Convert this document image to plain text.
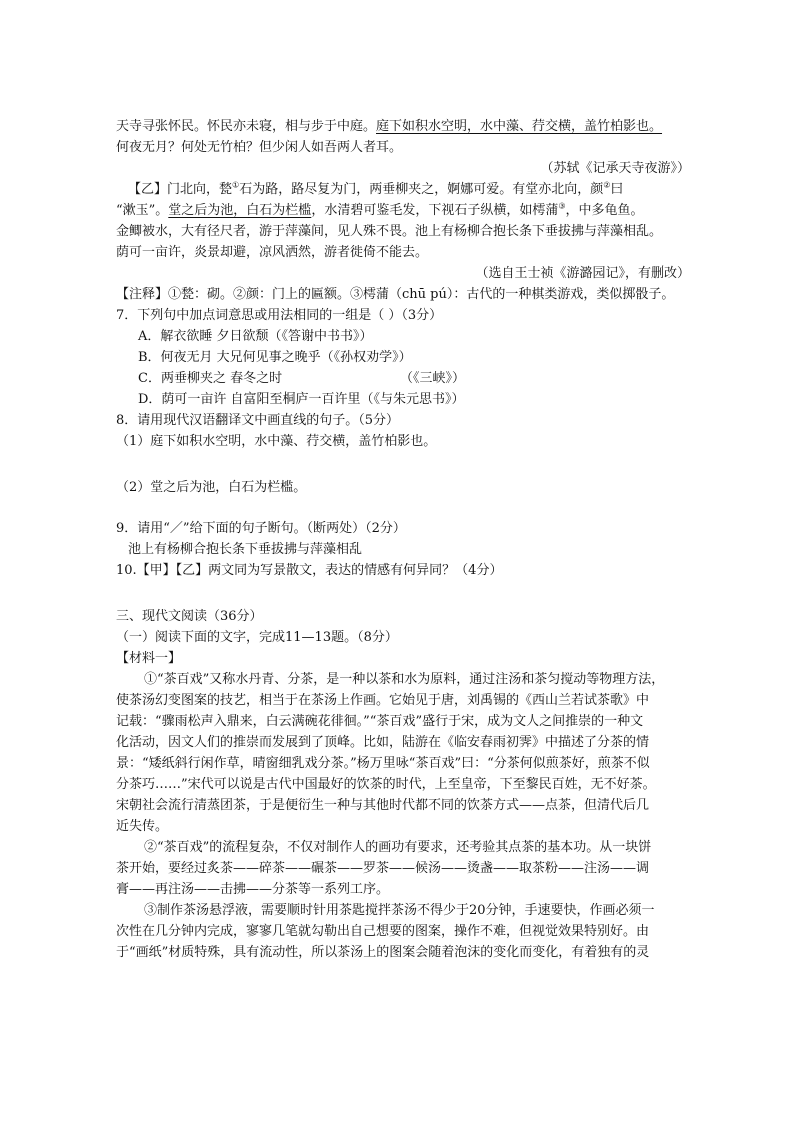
天寺寻张怀民。怀民亦未寝，相与步于中庭。庭下如积水空明，水中藻、荇交横，盖竹柏影也。
何夜无月？何处无竹柏？但少闲人如吾两人者耳。
（苏轼《记承天寺夜游》）
【乙】门北向，甃①石为路，路尽复为门，两垂柳夹之，婀娜可爱。有堂亦北向，颜②曰
“漱玉”。堂之后为池，白石为栏槛，水清碧可鉴毛发，下视石子纵横，如樗蒲③，中多龟鱼。
金鲫被水，大有径尺者，游于萍藻间，见人殊不畏。池上有杨柳合抱长条下垂拔拂与萍藻相乱。
荫可一亩许，炎景却避，凉风洒然，游者徙倚不能去。
（选自王士祯《游潞园记》，有删改）
【注释】①甃：砌。②颜：门上的匾额。③樗蒲（chū pú）：古代的一种棋类游戏，类似掷骰子。
7．下列句中加点词意思或用法相同的一组是（ ）（3分）
A．解衣欲睡 夕日欲颓（《答谢中书书》）
B．何夜无月 大兄何见事之晚乎（《孙权劝学》）
C．两垂柳夹之 春冬之时	（《三峡》）
D．荫可一亩许 自富阳至桐庐一百许里（《与朱元思书》）
8．请用现代汉语翻译文中画直线的句子。（5分）
（1）庭下如积水空明，水中藻、荇交横，盖竹柏影也。
（2）堂之后为池，白石为栏槛。
9．请用“／”给下面的句子断句。（断两处）（2分）
池上有杨柳合抱长条下垂拔拂与萍藻相乱
10.【甲】【乙】两文同为写景散文，表达的情感有何异同？（4分）
三、现代文阅读（36分）
（一）阅读下面的文字，完成11—13题。（8分）
【材料一】
①“茶百戏”又称水丹青、分茶，是一种以茶和水为原料，通过注汤和茶匀搅动等物理方法，
使茶汤幻变图案的技艺，相当于在茶汤上作画。它始见于唐，刘禹锡的《西山兰若试茶歌》中
记载：“骤雨松声入鼎来，白云满碗花徘徊。”“茶百戏”盛行于宋，成为文人之间推崇的一种文
化活动，因文人们的推崇而发展到了顶峰。比如，陆游在《临安春雨初霁》中描述了分茶的情
景：“矮纸斜行闲作草，晴窗细乳戏分茶。”杨万里咏“茶百戏”曰：“分茶何似煎茶好，煎茶不似
分茶巧……”宋代可以说是古代中国最好的饮茶的时代，上至皇帝，下至黎民百姓，无不好茶。
宋朝社会流行清蒸团茶，于是便衍生一种与其他时代都不同的饮茶方式——点茶，但清代后几
近失传。
②“茶百戏”的流程复杂，不仅对制作人的画功有要求，还考验其点茶的基本功。从一块饼
茶开始，要经过炙茶——碎茶——碾茶——罗茶——候汤——烫盏——取茶粉——注汤——调
膏——再注汤——击拂——分茶等一系列工序。
③制作茶汤悬浮液，需要顺时针用茶匙搅拌茶汤不得少于20分钟，手速要快，作画必须一
次性在几分钟内完成，寥寥几笔就勾勒出自己想要的图案，操作不难，但视觉效果特别好。由
于“画纸”材质特殊，具有流动性，所以茶汤上的图案会随着泡沫的变化而变化，有着独有的灵
